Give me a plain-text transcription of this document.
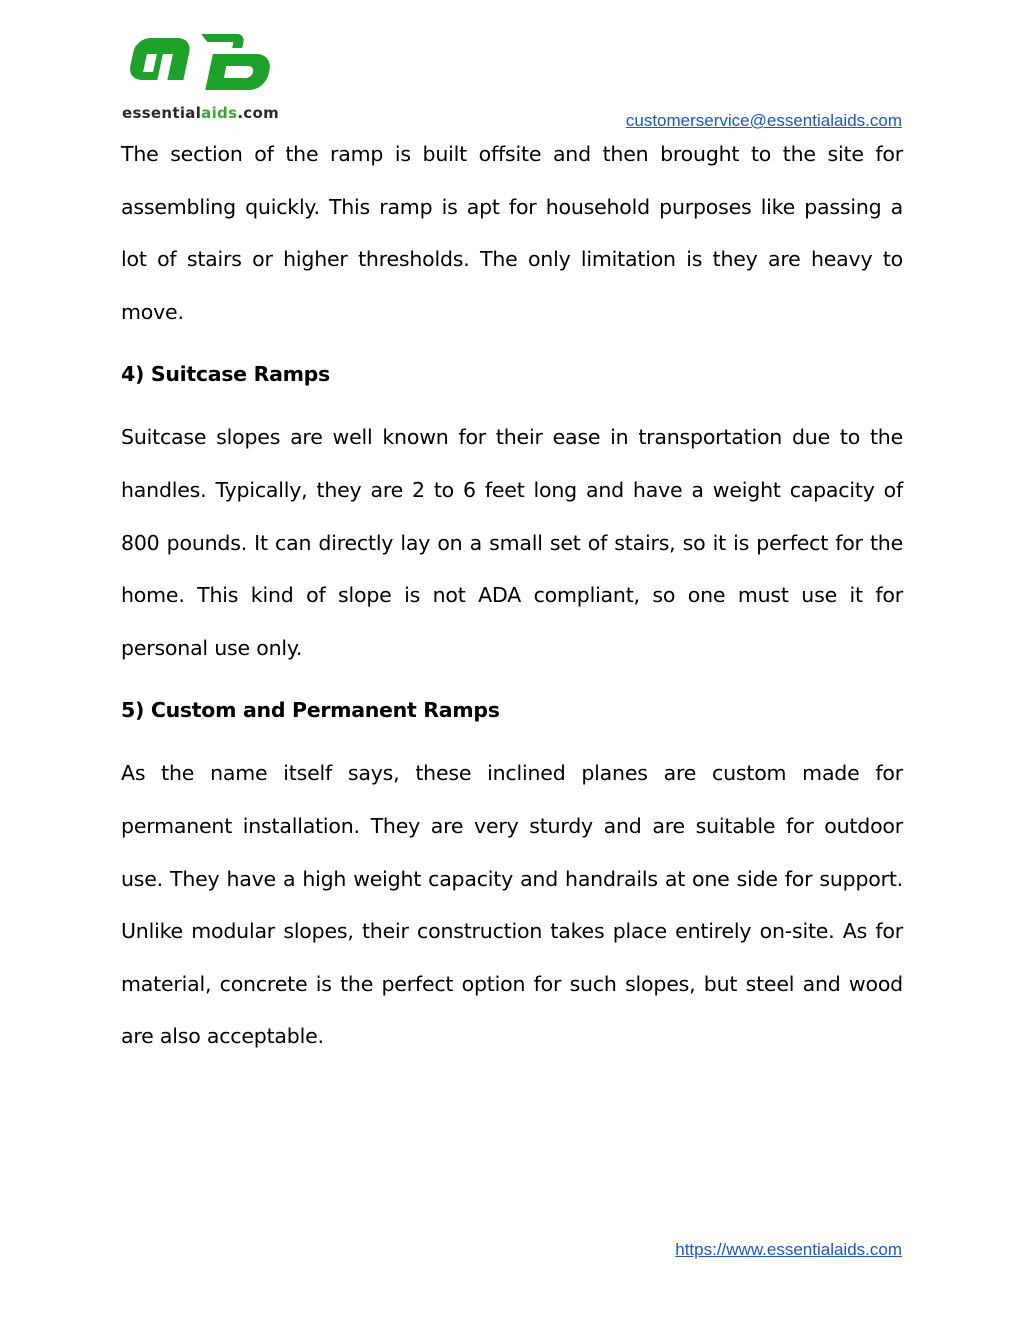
essentialaids.com	customerservice@essentialaids.com

The section of the ramp is built offsite and then brought to the site for assembling quickly. This ramp is apt for household purposes like passing a lot of stairs or higher thresholds. The only limitation is they are heavy to move.

4) Suitcase Ramps

Suitcase slopes are well known for their ease in transportation due to the handles. Typically, they are 2 to 6 feet long and have a weight capacity of 800 pounds. It can directly lay on a small set of stairs, so it is perfect for the home. This kind of slope is not ADA compliant, so one must use it for personal use only.

5) Custom and Permanent Ramps

As the name itself says, these inclined planes are custom made for permanent installation. They are very sturdy and are suitable for outdoor use. They have a high weight capacity and handrails at one side for support. Unlike modular slopes, their construction takes place entirely on-site. As for material, concrete is the perfect option for such slopes, but steel and wood are also acceptable.

https://www.essentialaids.com
